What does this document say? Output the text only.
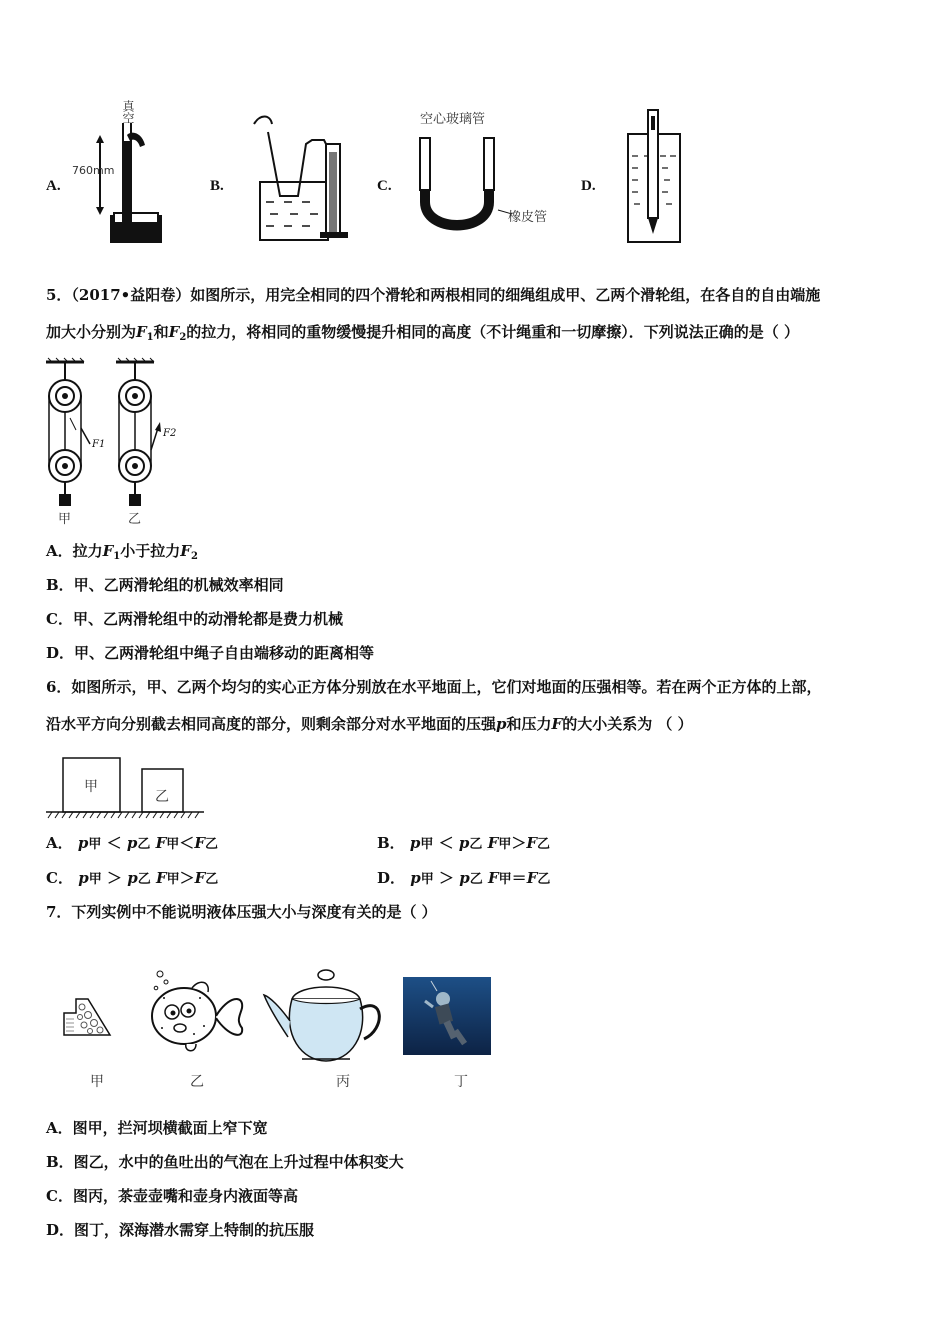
A.	B.	C.	D.
真空
760mm
空心玻璃管
橡皮管
5．（2017•益阳卷）如图所示，用完全相同的四个滑轮和两根相同的细绳组成甲、乙两个滑轮组，在各自的自由端施
加大小分别为$F_1$和$F_2$的拉力，将相同的重物缓慢提升相同的高度（不计绳重和一切摩擦）．下列说法正确的是（ ）
F1
F2
甲	乙
A．拉力$F_1$小于拉力$F_2$
B．甲、乙两滑轮组的机械效率相同
C．甲、乙两滑轮组中的动滑轮都是费力机械
D．甲、乙两滑轮组中绳子自由端移动的距离相等
6．如图所示，甲、乙两个均匀的实心正方体分别放在水平地面上，它们对地面的压强相等。若在两个正方体的上部，
沿水平方向分别截去相同高度的部分，则剩余部分对水平地面的压强p和压力F的大小关系为 （ ）
甲
乙
A． p甲 ＜ p乙 F甲＜F乙	B． p甲 ＜ p乙 F甲＞F乙
C． p甲 ＞ p乙 F甲＞F乙	D． p甲 ＞ p乙 F甲＝F乙
7．下列实例中不能说明液体压强大小与深度有关的是（ ）
甲	乙	丙	丁
A．图甲，拦河坝横截面上窄下宽
B．图乙，水中的鱼吐出的气泡在上升过程中体积变大
C．图丙，茶壶壶嘴和壶身内液面等高
D．图丁，深海潜水需穿上特制的抗压服
